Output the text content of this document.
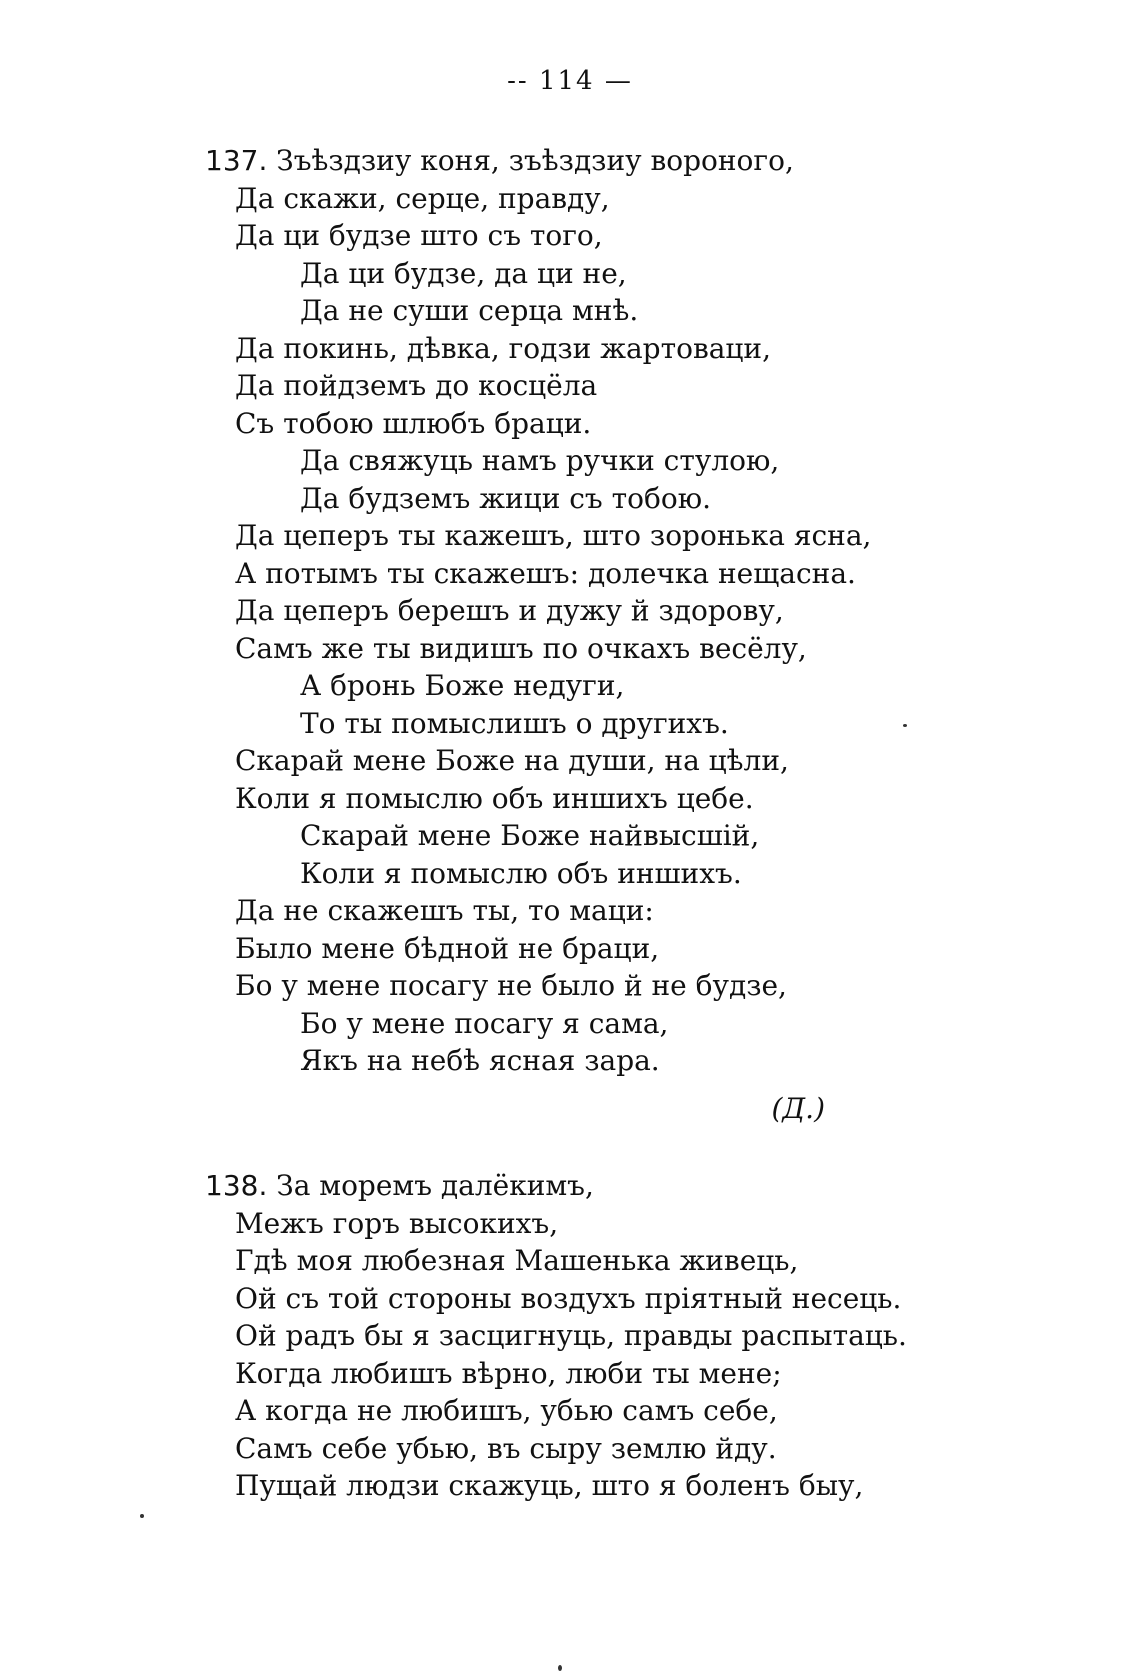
-- 114 —
137. Зъѣздзиу коня, зъѣздзиу вороного,
Да скажи, серце, правду,
Да ци будзе што съ того,
Да ци будзе, да ци не,
Да не суши серца мнѣ.
Да покинь, дѣвка, годзи жартоваци,
Да пойдземъ до косцёла
Съ тобою шлюбъ браци.
Да свяжуць намъ ручки стулою,
Да будземъ жици съ тобою.
Да цеперъ ты кажешъ, што зоронька ясна,
А потымъ ты скажешъ: долечка нещасна.
Да цеперъ берешъ и дужу й здорову,
Самъ же ты видишъ по очкахъ весёлу,
А бронь Боже недуги,
То ты помыслишъ о другихъ.
Скарай мене Боже на души, на цѣли,
Коли я помыслю объ иншихъ цебе.
Скарай мене Боже найвысшій,
Коли я помыслю объ иншихъ.
Да не скажешъ ты, то маци:
Было мене бѣдной не браци,
Бо у мене посагу не было й не будзе,
Бо у мене посагу я сама,
Якъ на небѣ ясная зара.
(Д.)
138. За моремъ далёкимъ,
Межъ горъ высокихъ,
Гдѣ моя любезная Машенька живець,
Ой съ той стороны воздухъ пріятный несець.
Ой радъ бы я засцигнуць, правды распытаць.
Когда любишъ вѣрно, люби ты мене;
А когда не любишъ, убью самъ себе,
Самъ себе убью, въ сыру землю йду.
Пущай людзи скажуць, што я боленъ быу,
